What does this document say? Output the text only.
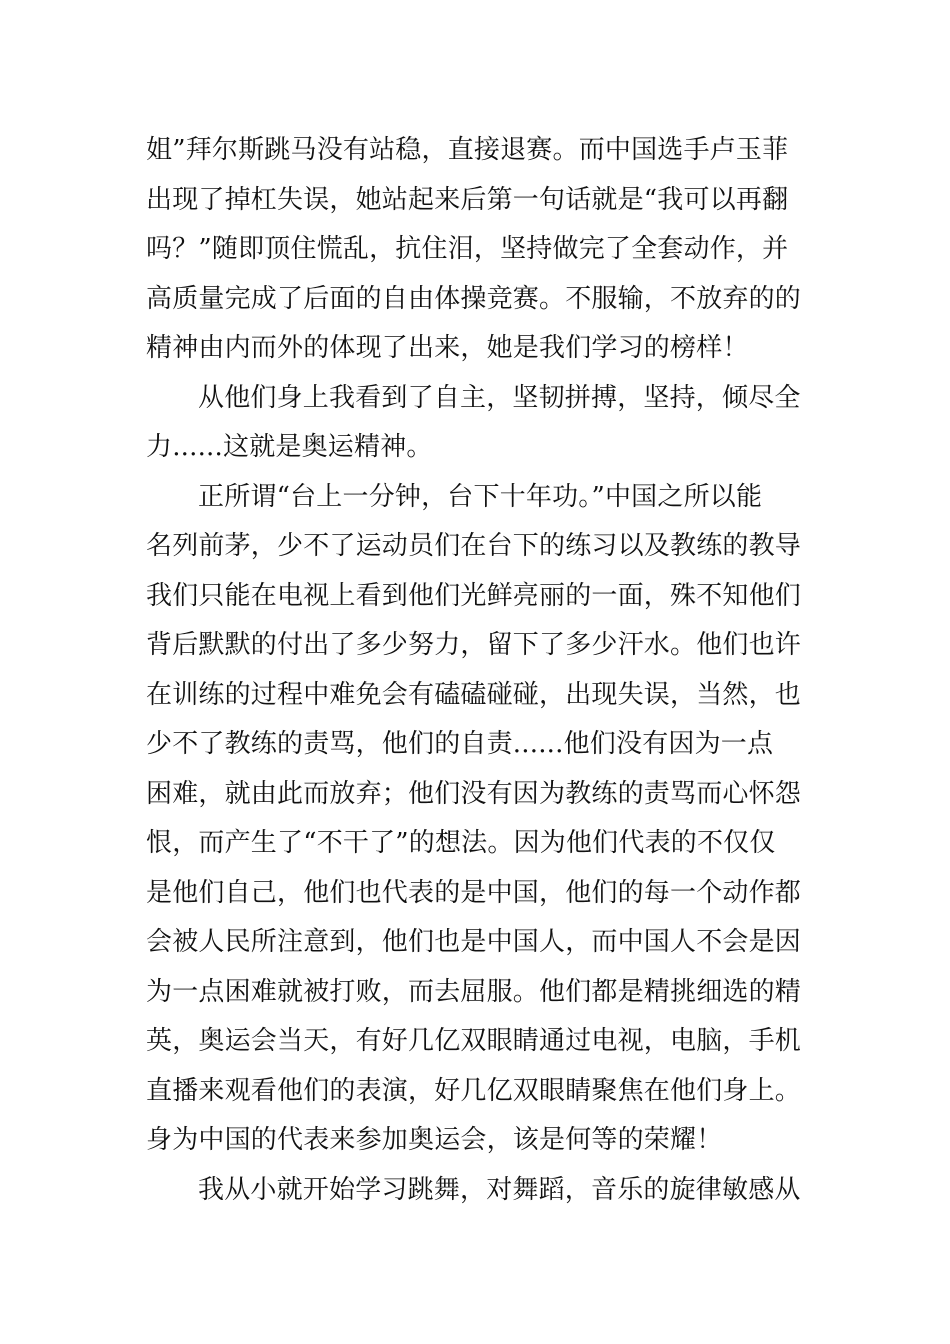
姐”拜尔斯跳马没有站稳，直接退赛。而中国选手卢玉菲
出现了掉杠失误，她站起来后第一句话就是“我可以再翻
吗？”随即顶住慌乱，抗住泪，坚持做完了全套动作，并
高质量完成了后面的自由体操竞赛。不服输，不放弃的的
精神由内而外的体现了出来，她是我们学习的榜样！
从他们身上我看到了自主，坚韧拼搏，坚持，倾尽全
力......这就是奥运精神。
正所谓“台上一分钟，台下十年功。”中国之所以能
名列前茅，少不了运动员们在台下的练习以及教练的教导
我们只能在电视上看到他们光鲜亮丽的一面，殊不知他们
背后默默的付出了多少努力，留下了多少汗水。他们也许
在训练的过程中难免会有磕磕碰碰，出现失误，当然，也
少不了教练的责骂，他们的自责......他们没有因为一点
困难，就由此而放弃；他们没有因为教练的责骂而心怀怨
恨，而产生了“不干了”的想法。因为他们代表的不仅仅
是他们自己，他们也代表的是中国，他们的每一个动作都
会被人民所注意到，他们也是中国人，而中国人不会是因
为一点困难就被打败，而去屈服。他们都是精挑细选的精
英，奥运会当天，有好几亿双眼睛通过电视，电脑，手机
直播来观看他们的表演，好几亿双眼睛聚焦在他们身上。
身为中国的代表来参加奥运会，该是何等的荣耀！
我从小就开始学习跳舞，对舞蹈，音乐的旋律敏感从
